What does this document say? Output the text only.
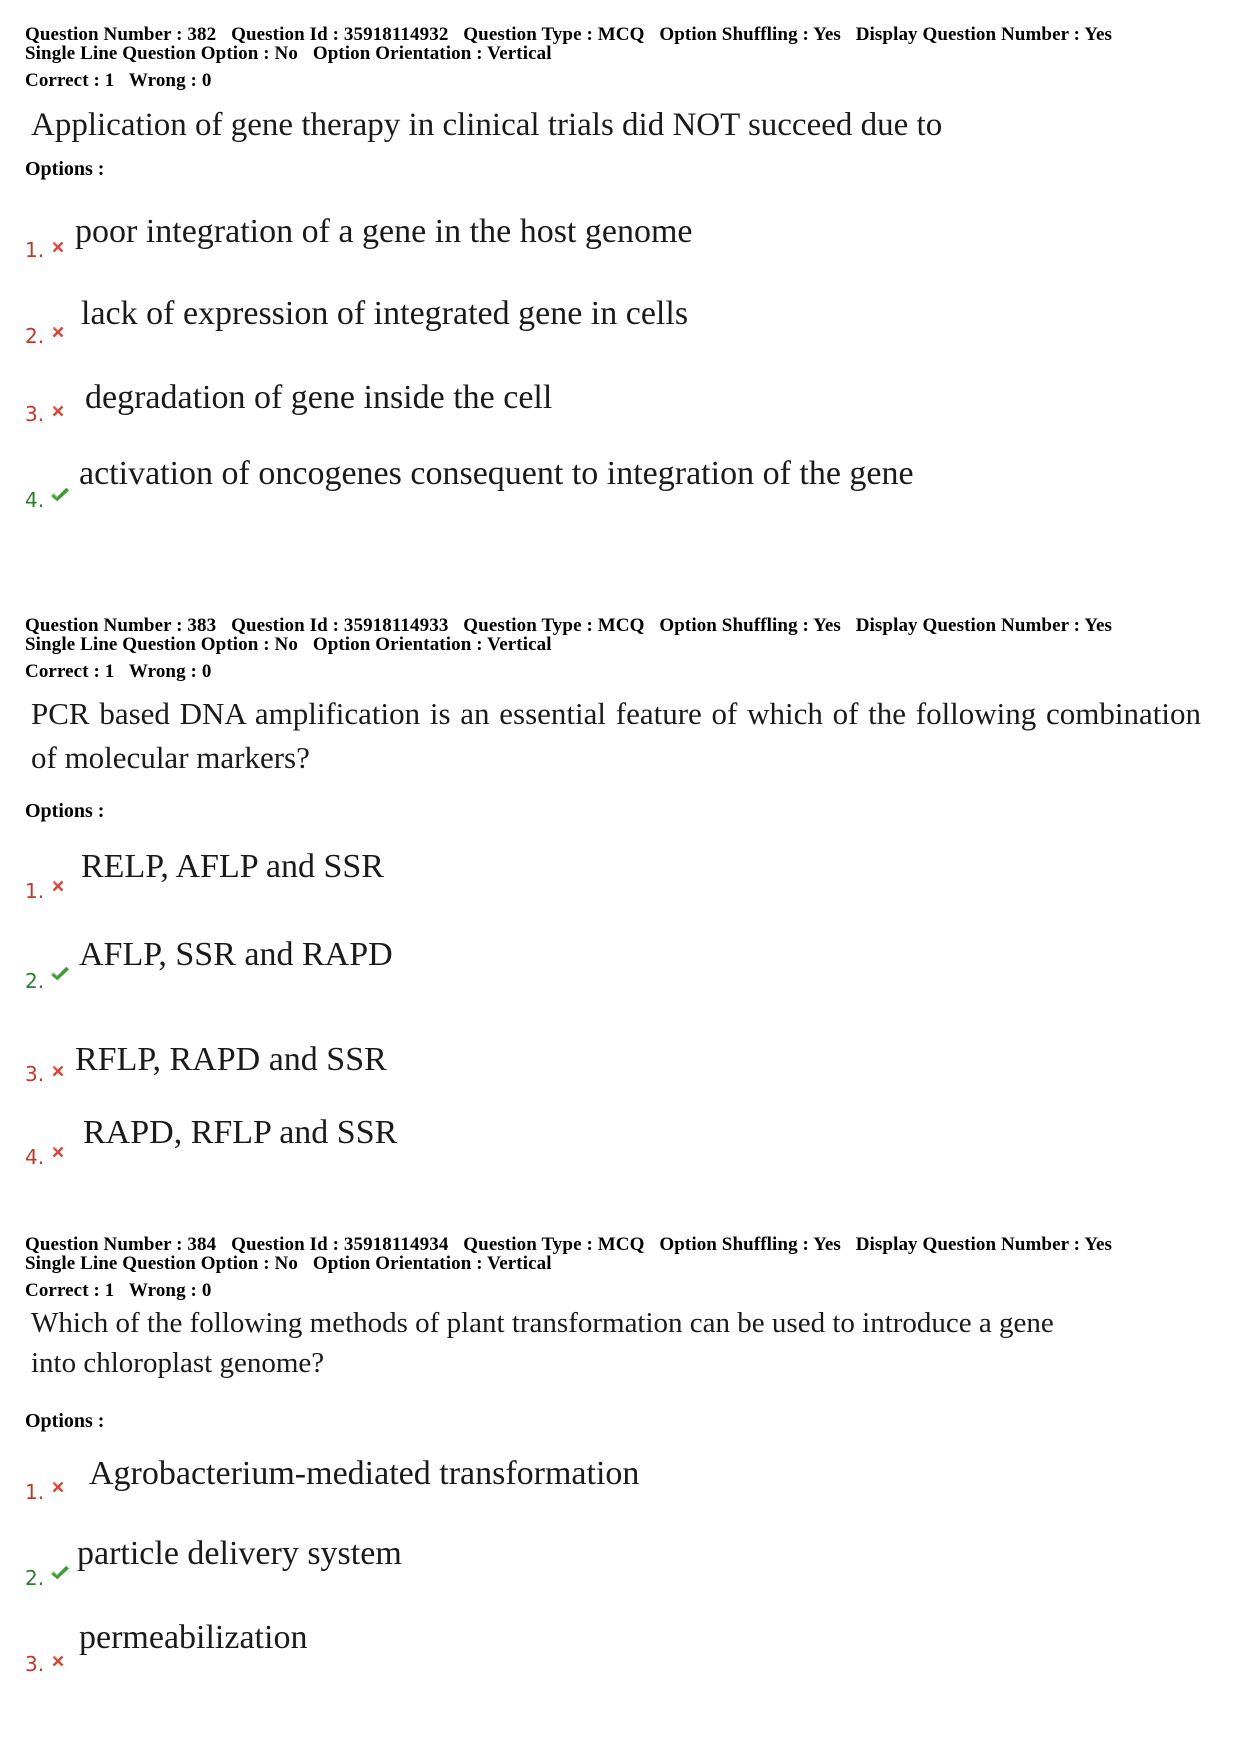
Question Number : 382 Question Id : 35918114932 Question Type : MCQ Option Shuffling : Yes Display Question Number : Yes
Single Line Question Option : No Option Orientation : Vertical
Correct : 1 Wrong : 0
Application of gene therapy in clinical trials did NOT succeed due to
Options :
1. poor integration of a gene in the host genome
2.
lack of expression of integrated gene in cells
3. degradation of gene inside the cell
4.
activation of oncogenes consequent to integration of the gene
Question Number : 383 Question Id : 35918114933 Question Type : MCQ Option Shuffling : Yes Display Question Number : Yes
Single Line Question Option : No Option Orientation : Vertical
Correct : 1 Wrong : 0
PCR based DNA amplification is an essential feature of which of the following combination of molecular markers?
Options :
1.
RELP, AFLP and SSR
2.
AFLP, SSR and RAPD
3. RFLP, RAPD and SSR
4.
RAPD, RFLP and SSR
Question Number : 384 Question Id : 35918114934 Question Type : MCQ Option Shuffling : Yes Display Question Number : Yes
Single Line Question Option : No Option Orientation : Vertical
Correct : 1 Wrong : 0
Which of the following methods of plant transformation can be used to introduce a gene
into chloroplast genome?
Options :
1. Agrobacterium-mediated transformation
2.
particle delivery system
3.
permeabilization
